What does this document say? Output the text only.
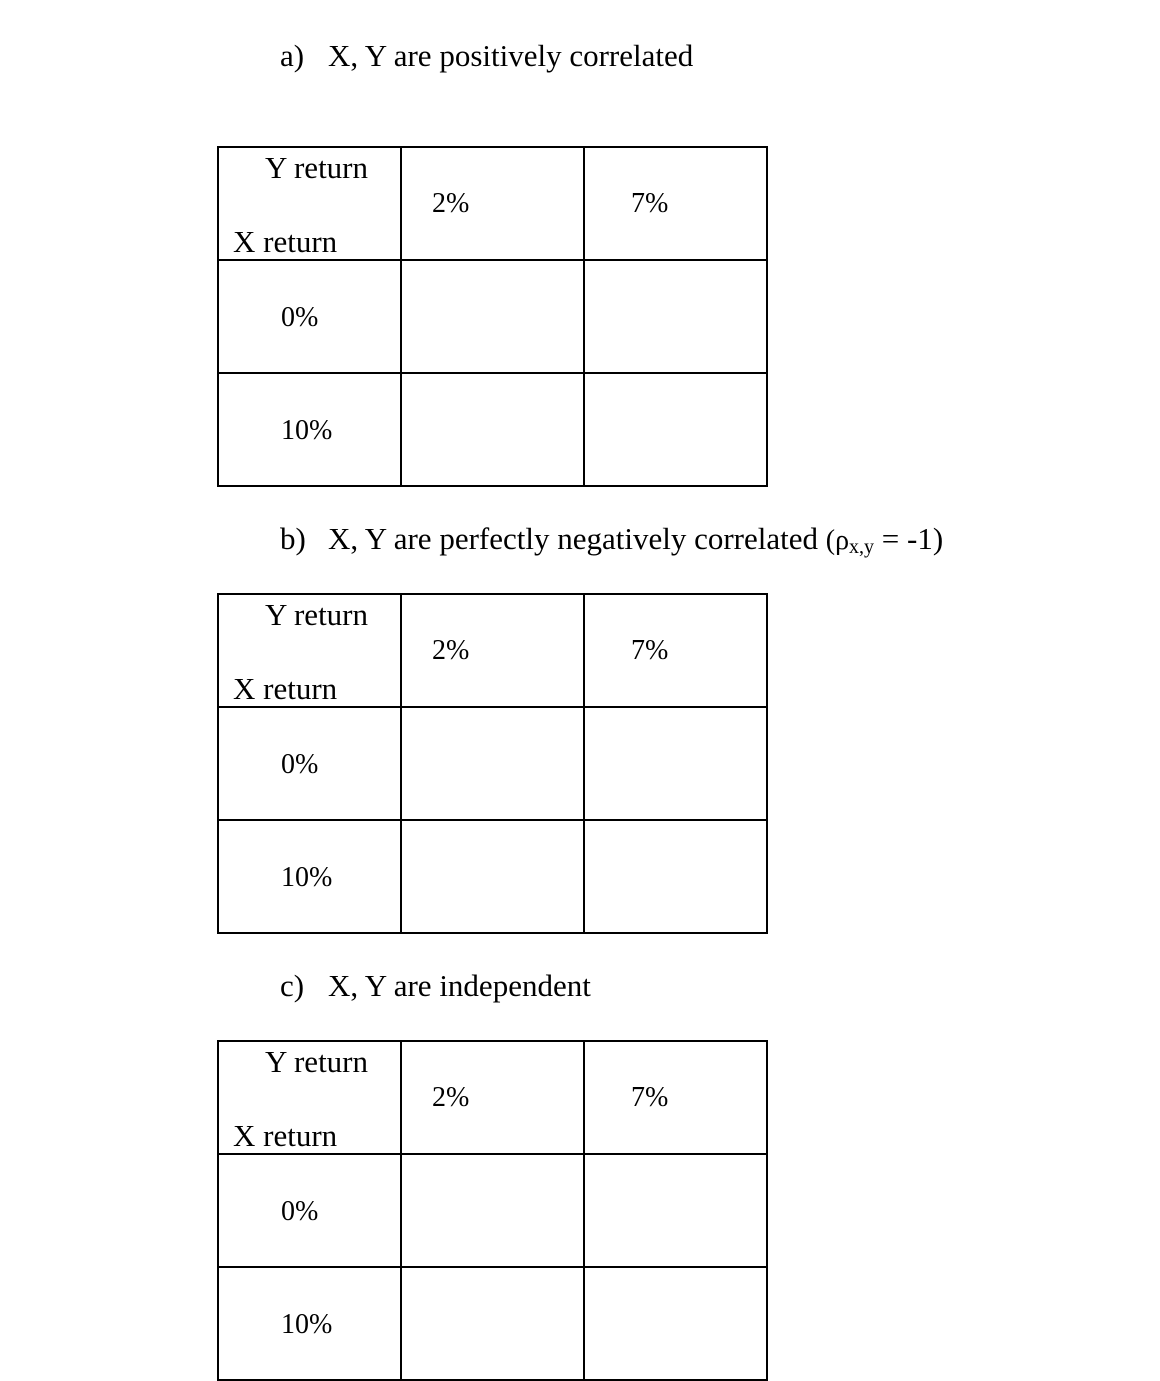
a) X, Y are positively correlated
Y return
X return	2%	7%

0%		

10%		

b) X, Y are perfectly negatively correlated $(\rho_{x,y} = -1)$
Y return
X return	2%	7%

0%		

10%		

c) X, Y are independent
Y return
X return	2%	7%

0%		

10%		
